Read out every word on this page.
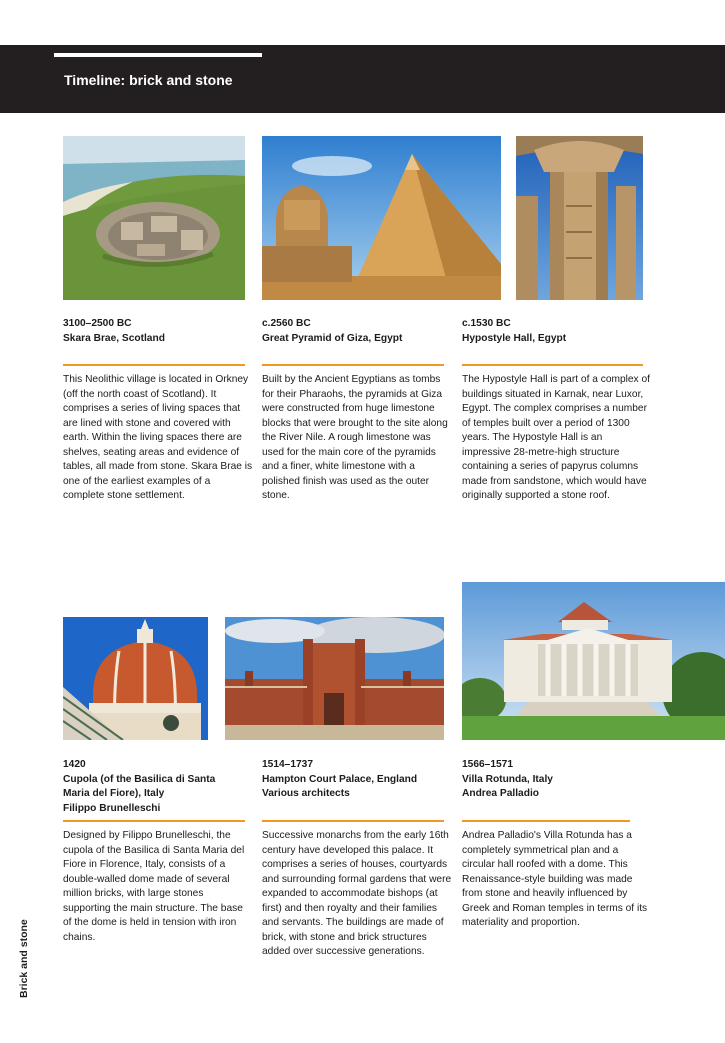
Timeline: brick and stone
3100–2500 BC
Skara Brae, Scotland
This Neolithic village is located in Orkney (off the north coast of Scotland). It comprises a series of living spaces that are lined with stone and covered with earth. Within the living spaces there are shelves, seating areas and evidence of tables, all made from stone. Skara Brae is one of the earliest examples of a complete stone settlement.
c.2560 BC
Great Pyramid of Giza, Egypt
Built by the Ancient Egyptians as tombs for their Pharaohs, the pyramids at Giza were constructed from huge limestone blocks that were brought to the site along the River Nile. A rough limestone was used for the main core of the pyramids and a finer, white limestone with a polished finish was used as the outer stone.
c.1530 BC
Hypostyle Hall, Egypt
The Hypostyle Hall is part of a complex of buildings situated in Karnak, near Luxor, Egypt. The complex comprises a number of temples built over a period of 1300 years. The Hypostyle Hall is an impressive 28-metre-high structure containing a series of papyrus columns made from sandstone, which would have originally supported a stone roof.
1420
Cupola (of the Basilica di Santa
Maria del Fiore), Italy
Filippo Brunelleschi
Designed by Filippo Brunelleschi, the cupola of the Basilica di Santa Maria del Fiore in Florence, Italy, consists of a double-walled dome made of several million bricks, with large stones supporting the main structure. The base of the dome is held in tension with iron chains.
1514–1737
Hampton Court Palace, England
Various architects
Successive monarchs from the early 16th century have developed this palace. It comprises a series of houses, courtyards and surrounding formal gardens that were expanded to accommodate bishops (at first) and then royalty and their families and servants. The buildings are made of brick, with stone and brick structures added over successive generations.
1566–1571
Villa Rotunda, Italy
Andrea Palladio
Andrea Palladio's Villa Rotunda has a completely symmetrical plan and a circular hall roofed with a dome. This Renaissance-style building was made from stone and heavily influenced by Greek and Roman temples in terms of its materiality and proportion.
Brick and stone
